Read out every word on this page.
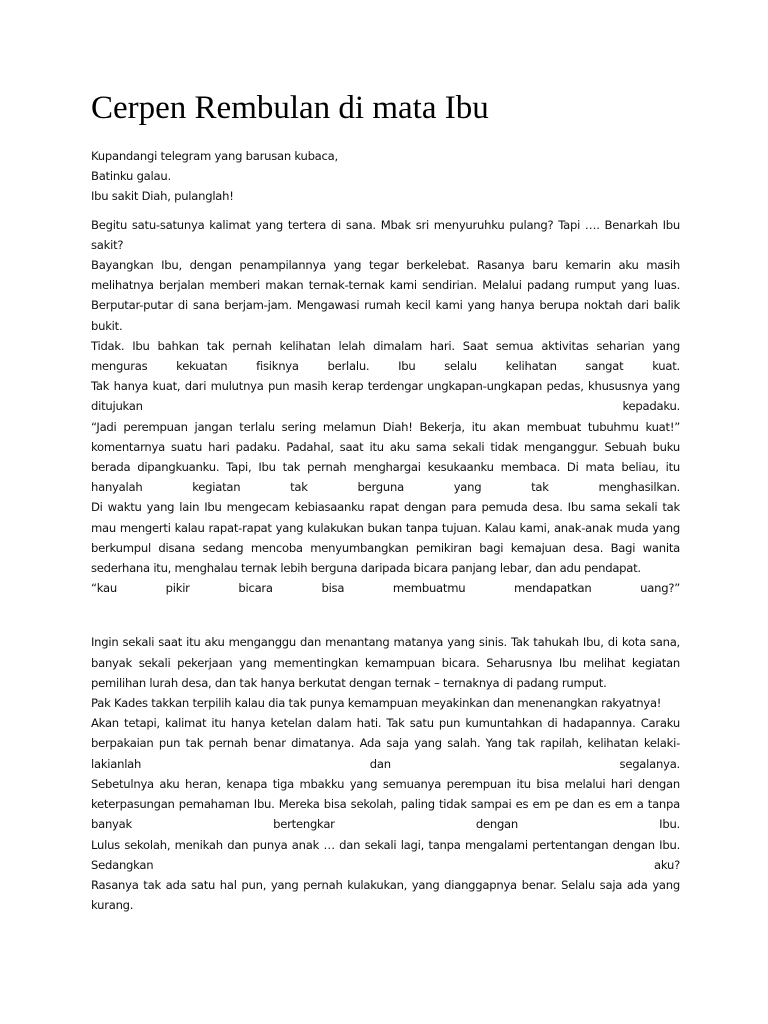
Cerpen Rembulan di mata Ibu

Kupandangi telegram yang barusan kubaca,

Batinku galau.

Ibu sakit Diah, pulanglah!

Begitu satu-satunya kalimat yang tertera di sana. Mbak sri menyuruhku pulang? Tapi …. Benarkah Ibu sakit?

Bayangkan Ibu, dengan penampilannya yang tegar berkelebat. Rasanya baru kemarin aku masih melihatnya berjalan memberi makan ternak-ternak kami sendirian. Melalui padang rumput yang luas. Berputar-putar di sana berjam-jam. Mengawasi rumah kecil kami yang hanya berupa noktah dari balik bukit.

Tidak. Ibu bahkan tak pernah kelihatan lelah dimalam hari. Saat semua aktivitas seharian yang menguras kekuatan fisiknya berlalu. Ibu selalu kelihatan sangat kuat.

Tak hanya kuat, dari mulutnya pun masih kerap terdengar ungkapan-ungkapan pedas, khususnya yang ditujukan kepadaku.

“Jadi perempuan jangan terlalu sering melamun Diah! Bekerja, itu akan membuat tubuhmu kuat!” komentarnya suatu hari padaku. Padahal, saat itu aku sama sekali tidak menganggur. Sebuah buku berada dipangkuanku. Tapi, Ibu tak pernah menghargai kesukaanku membaca. Di mata beliau, itu hanyalah kegiatan tak berguna yang tak menghasilkan.

Di waktu yang lain Ibu mengecam kebiasaanku rapat dengan para pemuda desa. Ibu sama sekali tak mau mengerti kalau rapat-rapat yang kulakukan bukan tanpa tujuan. Kalau kami, anak-anak muda yang berkumpul disana sedang mencoba menyumbangkan pemikiran bagi kemajuan desa. Bagi wanita sederhana itu, menghalau ternak lebih berguna daripada bicara panjang lebar, dan adu pendapat.

“kau pikir bicara bisa membuatmu mendapatkan uang?”

Ingin sekali saat itu aku menganggu dan menantang matanya yang sinis. Tak tahukah Ibu, di kota sana, banyak sekali pekerjaan yang mementingkan kemampuan bicara. Seharusnya Ibu melihat kegiatan pemilihan lurah desa, dan tak hanya berkutat dengan ternak – ternaknya di padang rumput.

Pak Kades takkan terpilih kalau dia tak punya kemampuan meyakinkan dan menenangkan rakyatnya!

Akan tetapi, kalimat itu hanya ketelan dalam hati. Tak satu pun kumuntahkan di hadapannya. Caraku berpakaian pun tak pernah benar dimatanya. Ada saja yang salah. Yang tak rapilah, kelihatan kelaki-lakianlah dan segalanya.

Sebetulnya aku heran, kenapa tiga mbakku yang semuanya perempuan itu bisa melalui hari dengan keterpasungan pemahaman Ibu. Mereka bisa sekolah, paling tidak sampai es em pe dan es em a tanpa banyak bertengkar dengan Ibu.

Lulus sekolah, menikah dan punya anak … dan sekali lagi, tanpa mengalami pertentangan dengan Ibu. Sedangkan aku?

Rasanya tak ada satu hal pun, yang pernah kulakukan, yang dianggapnya benar. Selalu saja ada yang kurang.
